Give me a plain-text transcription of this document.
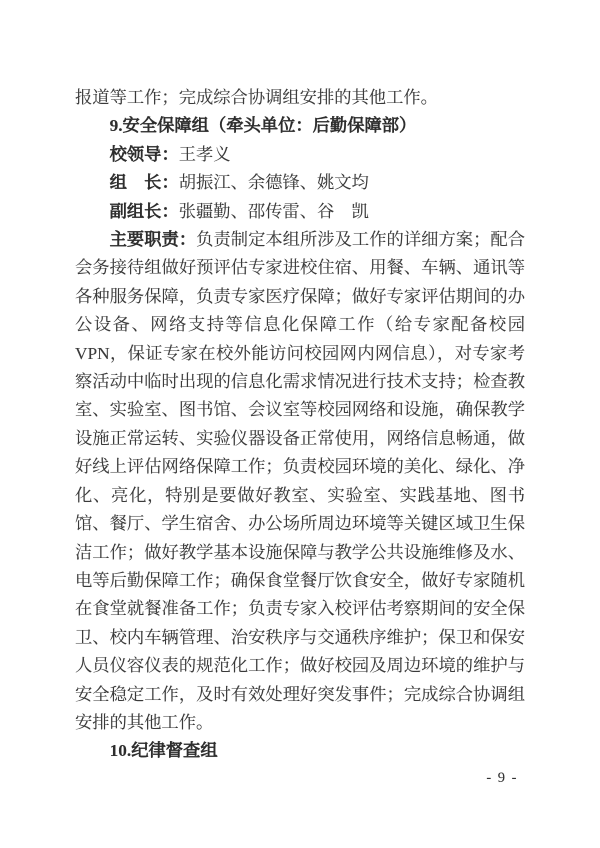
报道等工作；完成综合协调组安排的其他工作。

9.安全保障组（牵头单位：后勤保障部）

校领导：王孝义

组　长：胡振江、余德锋、姚文均

副组长：张疆勤、邵传雷、谷　凯

主要职责：负责制定本组所涉及工作的详细方案；配合会务接待组做好预评估专家进校住宿、用餐、车辆、通讯等各种服务保障，负责专家医疗保障；做好专家评估期间的办公设备、网络支持等信息化保障工作（给专家配备校园 VPN，保证专家在校外能访问校园网内网信息），对专家考察活动中临时出现的信息化需求情况进行技术支持；检查教室、实验室、图书馆、会议室等校园网络和设施，确保教学设施正常运转、实验仪器设备正常使用，网络信息畅通，做好线上评估网络保障工作；负责校园环境的美化、绿化、净化、亮化，特别是要做好教室、实验室、实践基地、图书馆、餐厅、学生宿舍、办公场所周边环境等关键区域卫生保洁工作；做好教学基本设施保障与教学公共设施维修及水、电等后勤保障工作；确保食堂餐厅饮食安全，做好专家随机在食堂就餐准备工作；负责专家入校评估考察期间的安全保卫、校内车辆管理、治安秩序与交通秩序维护；保卫和保安人员仪容仪表的规范化工作；做好校园及周边环境的维护与安全稳定工作，及时有效处理好突发事件；完成综合协调组安排的其他工作。

10.纪律督查组

- 9 -
